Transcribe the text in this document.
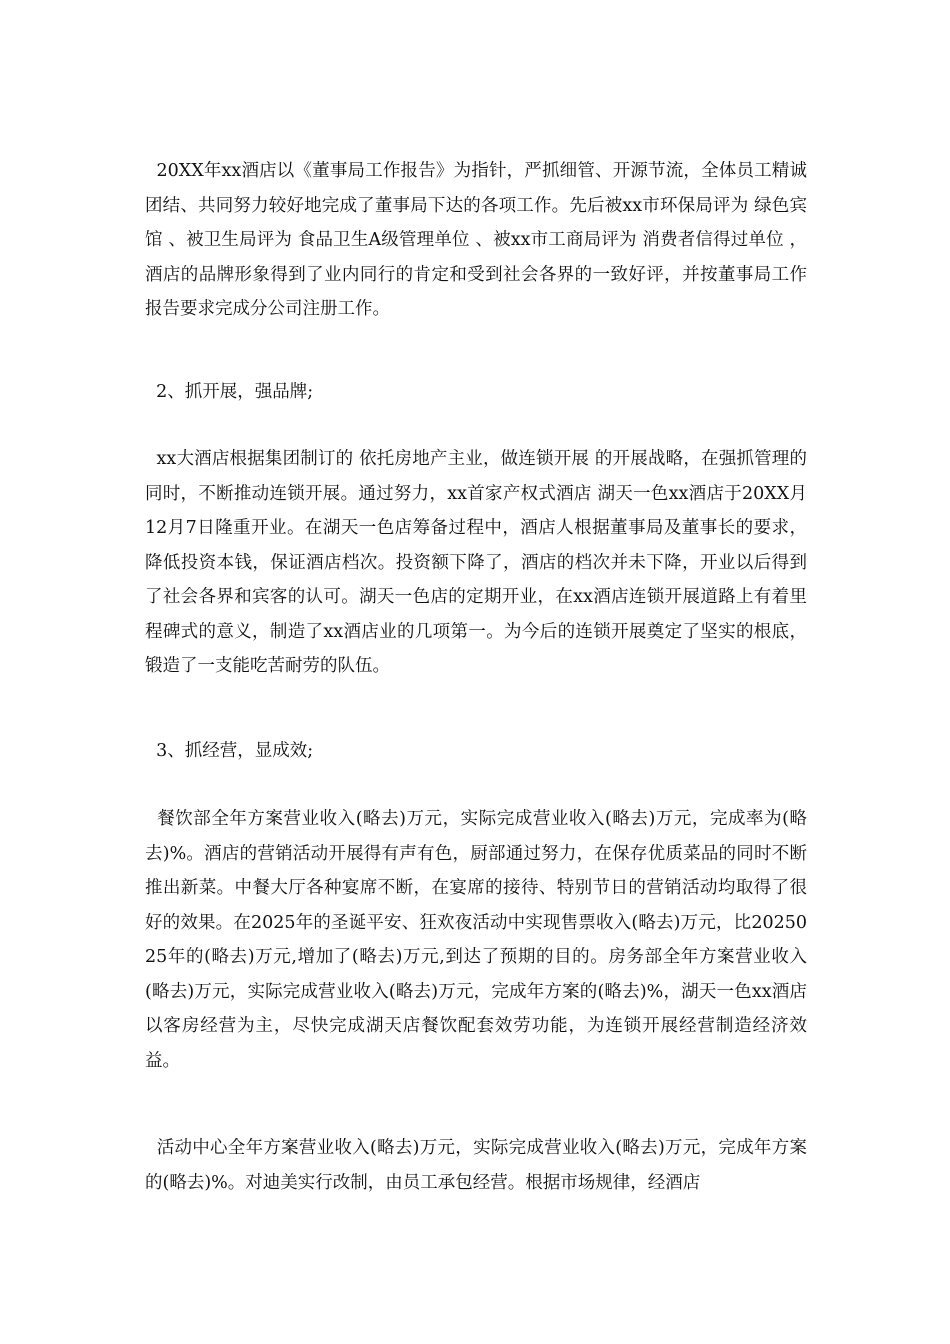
20XX年xx酒店以《董事局工作报告》为指针，严抓细管、开源节流，全体员工精诚团结、共同努力较好地完成了董事局下达的各项工作。先后被xx市环保局评为 绿色宾馆 、被卫生局评为 食品卫生A级管理单位 、被xx市工商局评为 消费者信得过单位 ，酒店的品牌形象得到了业内同行的肯定和受到社会各界的一致好评，并按董事局工作报告要求完成分公司注册工作。

2、抓开展，强品牌;

xx大酒店根据集团制订的 依托房地产主业，做连锁开展 的开展战略，在强抓管理的同时，不断推动连锁开展。通过努力，xx首家产权式酒店 湖天一色xx酒店于20XX月12月7日隆重开业。在湖天一色店筹备过程中，酒店人根据董事局及董事长的要求，降低投资本钱，保证酒店档次。投资额下降了，酒店的档次并未下降，开业以后得到了社会各界和宾客的认可。湖天一色店的定期开业，在xx酒店连锁开展道路上有着里程碑式的意义，制造了xx酒店业的几项第一。为今后的连锁开展奠定了坚实的根底，锻造了一支能吃苦耐劳的队伍。

3、抓经营，显成效;

餐饮部全年方案营业收入(略去)万元，实际完成营业收入(略去)万元，完成率为(略去)%。酒店的营销活动开展得有声有色，厨部通过努力，在保存优质菜品的同时不断推出新菜。中餐大厅各种宴席不断，在宴席的接待、特别节日的营销活动均取得了很好的效果。在2025年的圣诞平安、狂欢夜活动中实现售票收入(略去)万元，比2025025年的(略去)万元,增加了(略去)万元,到达了预期的目的。房务部全年方案营业收入(略去)万元，实际完成营业收入(略去)万元，完成年方案的(略去)%，湖天一色xx酒店以客房经营为主，尽快完成湖天店餐饮配套效劳功能，为连锁开展经营制造经济效益。

活动中心全年方案营业收入(略去)万元，实际完成营业收入(略去)万元，完成年方案的(略去)%。对迪美实行改制，由员工承包经营。根据市场规律，经酒店
